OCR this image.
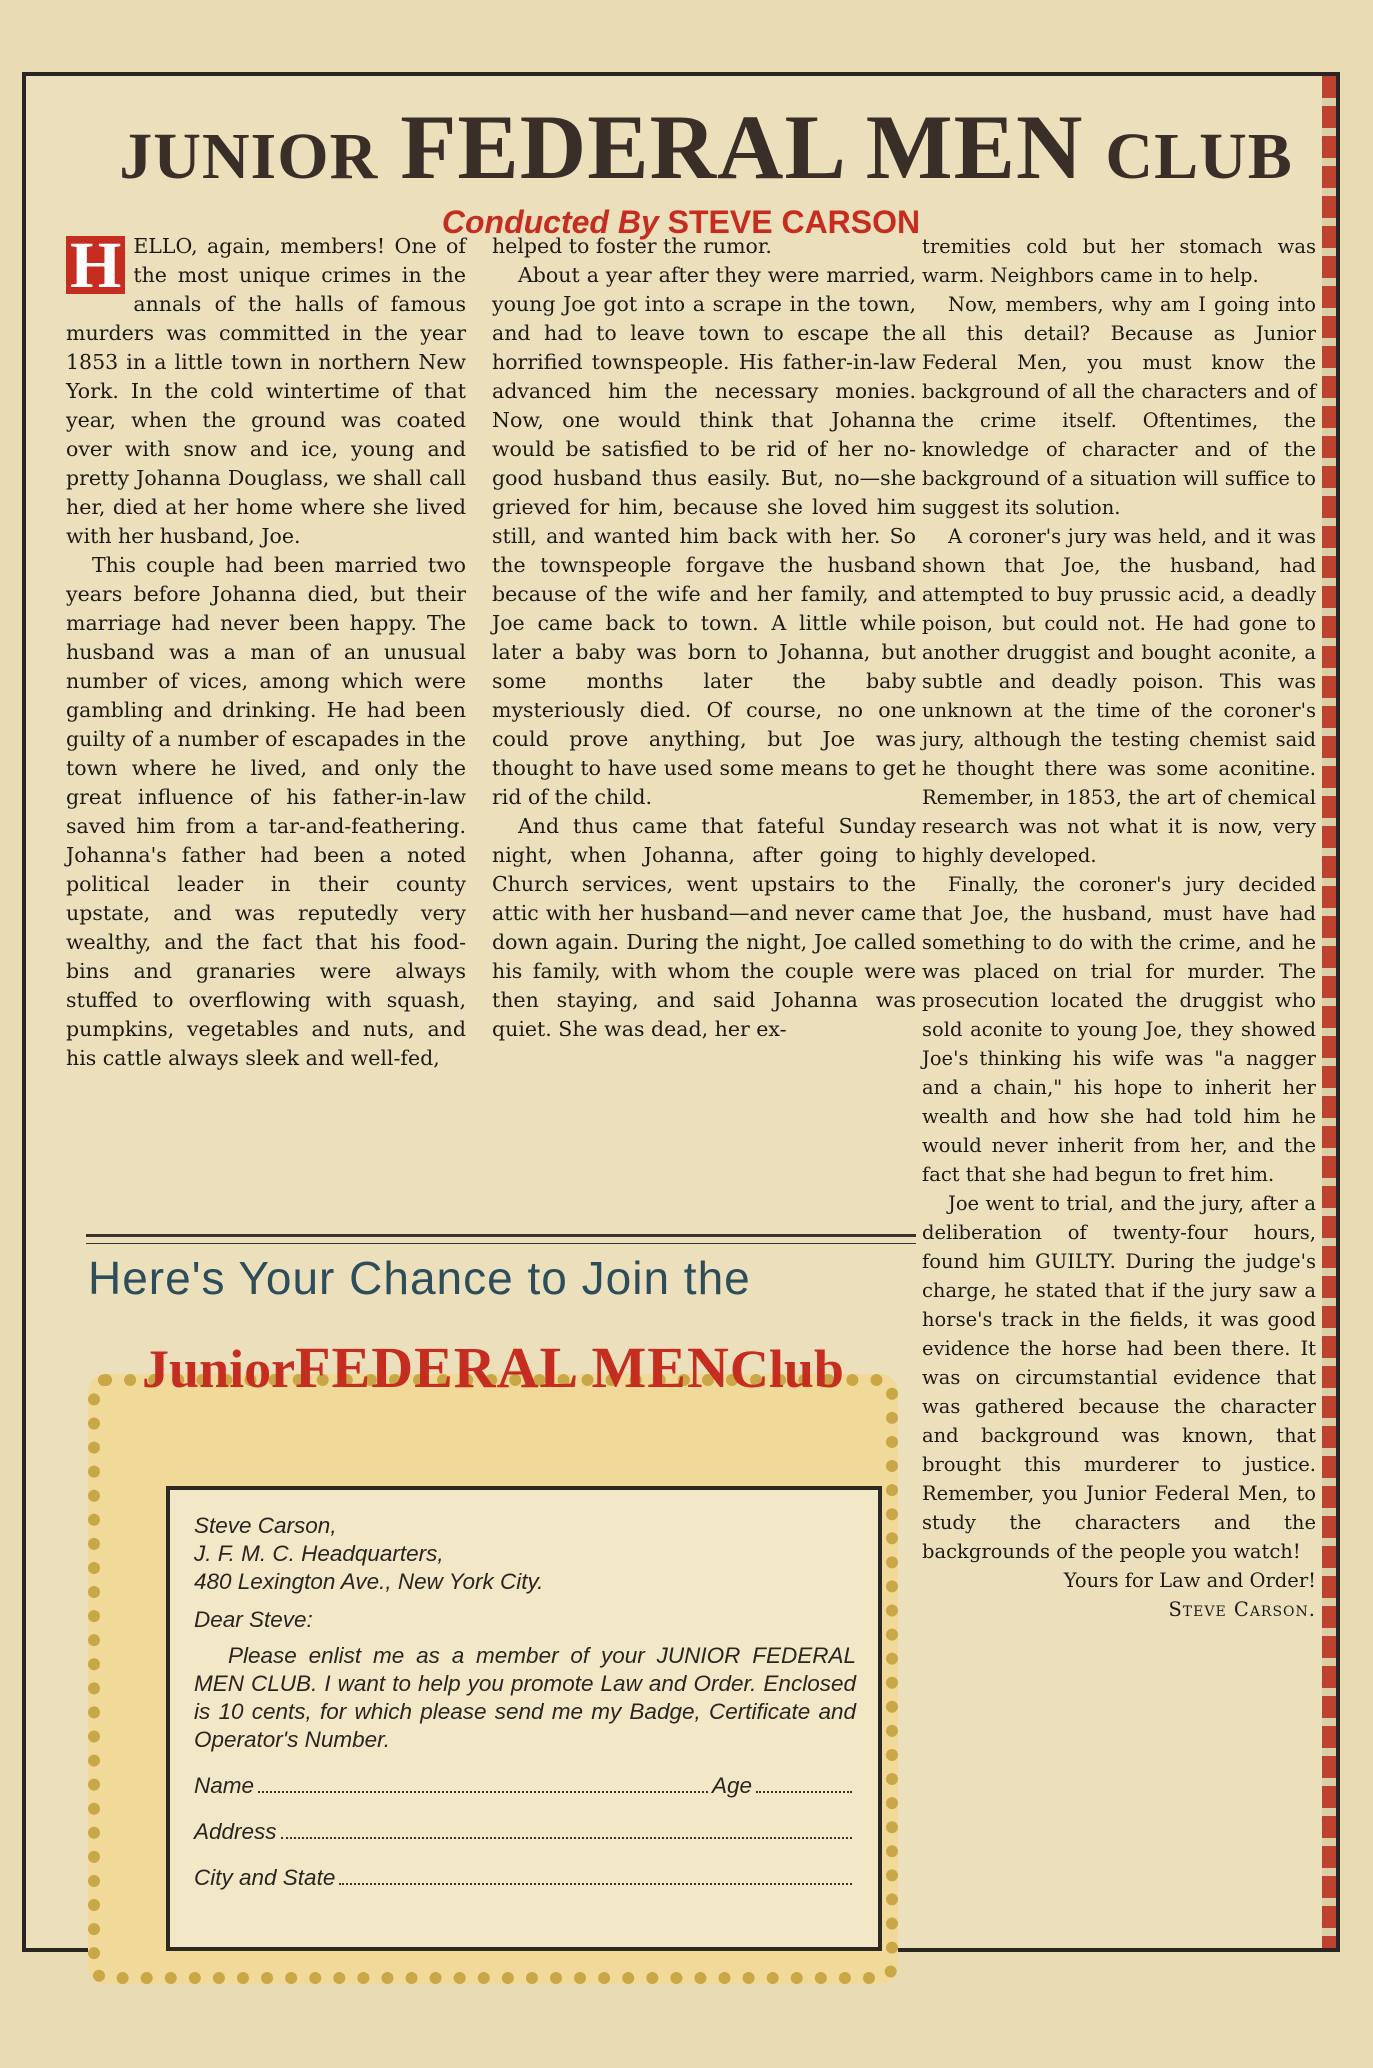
JUNIOR FEDERAL MEN CLUB
Conducted By STEVE CARSON

H ELLO, again, members! One of the most unique crimes in the annals of the halls of famous murders was committed in the year 1853 in a little town in northern New York. In the cold wintertime of that year, when the ground was coated over with snow and ice, young and pretty Johanna Douglass, we shall call her, died at her home where she lived with her husband, Joe.

This couple had been married two years before Johanna died, but their marriage had never been happy. The husband was a man of an unusual number of vices, among which were gambling and drinking. He had been guilty of a number of escapades in the town where he lived, and only the great influence of his father-in-law saved him from a tar-and-feathering. Johanna's father had been a noted political leader in their county upstate, and was reputedly very wealthy, and the fact that his food-bins and granaries were always stuffed to overflowing with squash, pumpkins, vegetables and nuts, and his cattle always sleek and well-fed,

helped to foster the rumor.

About a year after they were married, young Joe got into a scrape in the town, and had to leave town to escape the horrified townspeople. His father-in-law advanced him the necessary monies. Now, one would think that Johanna would be satisfied to be rid of her no-good husband thus easily. But, no—she grieved for him, because she loved him still, and wanted him back with her. So the townspeople forgave the husband because of the wife and her family, and Joe came back to town. A little while later a baby was born to Johanna, but some months later the baby mysteriously died. Of course, no one could prove anything, but Joe was thought to have used some means to get rid of the child.

And thus came that fateful Sunday night, when Johanna, after going to Church services, went upstairs to the attic with her husband—and never came down again. During the night, Joe called his family, with whom the couple were then staying, and said Johanna was quiet. She was dead, her ex-

tremities cold but her stomach was warm. Neighbors came in to help.

Now, members, why am I going into all this detail? Because as Junior Federal Men, you must know the background of all the characters and of the crime itself. Oftentimes, the knowledge of character and of the background of a situation will suffice to suggest its solution.

A coroner's jury was held, and it was shown that Joe, the husband, had attempted to buy prussic acid, a deadly poison, but could not. He had gone to another druggist and bought aconite, a subtle and deadly poison. This was unknown at the time of the coroner's jury, although the testing chemist said he thought there was some aconitine. Remember, in 1853, the art of chemical research was not what it is now, very highly developed.

Finally, the coroner's jury decided that Joe, the husband, must have had something to do with the crime, and he was placed on trial for murder. The prosecution located the druggist who sold aconite to young Joe, they showed Joe's thinking his wife was "a nagger and a chain," his hope to inherit her wealth and how she had told him he would never inherit from her, and the fact that she had begun to fret him.

Joe went to trial, and the jury, after a deliberation of twenty-four hours, found him GUILTY. During the judge's charge, he stated that if the jury saw a horse's track in the fields, it was good evidence the horse had been there. It was on circumstantial evidence that was gathered because the character and background was known, that brought this murderer to justice. Remember, you Junior Federal Men, to study the characters and the backgrounds of the people you watch!

Yours for Law and Order!

Steve Carson.
Here's Your Chance to Join the
JuniorFEDERAL MENClub
Steve Carson,
J. F. M. C. Headquarters,
480 Lexington Ave., New York City.
Dear Steve:
Please enlist me as a member of your JUNIOR FEDERAL MEN CLUB. I want to help you promote Law and Order. Enclosed is 10 cents, for which please send me my Badge, Certificate and Operator's Number.
Name	Age
Address
City and State
